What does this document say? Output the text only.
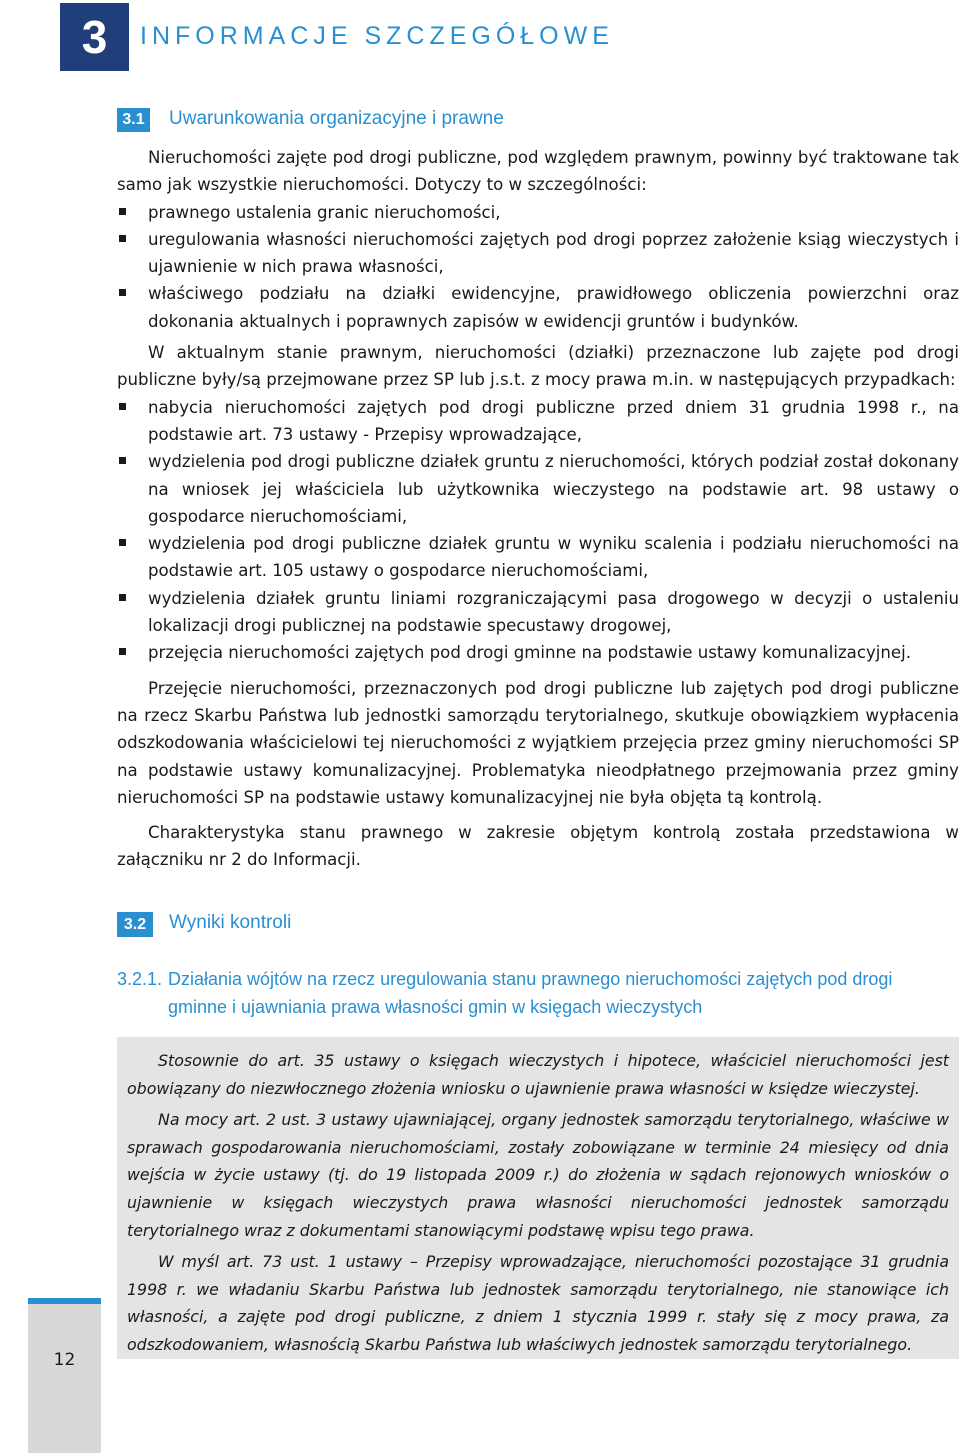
3	INFORMACJE SZCZEGÓŁOWE
3.1 Uwarunkowania organizacyjne i prawne

Nieruchomości zajęte pod drogi publiczne, pod względem prawnym, powinny być traktowane tak samo jak wszystkie nieruchomości. Dotyczy to w szczególności:

prawnego ustalenia granic nieruchomości,
uregulowania własności nieruchomości zajętych pod drogi poprzez założenie ksiąg wieczystych i ujawnienie w nich prawa własności,
właściwego podziału na działki ewidencyjne, prawidłowego obliczenia powierzchni oraz dokonania aktualnych i poprawnych zapisów w ewidencji gruntów i budynków.

W aktualnym stanie prawnym, nieruchomości (działki) przeznaczone lub zajęte pod drogi publiczne były/są przejmowane przez SP lub j.s.t. z mocy prawa m.in. w następujących przypadkach:

nabycia nieruchomości zajętych pod drogi publiczne przed dniem 31 grudnia 1998 r., na podstawie art. 73 ustawy - Przepisy wprowadzające,
wydzielenia pod drogi publiczne działek gruntu z nieruchomości, których podział został dokonany na wniosek jej właściciela lub użytkownika wieczystego na podstawie art. 98 ustawy o gospodarce nieruchomościami,
wydzielenia pod drogi publiczne działek gruntu w wyniku scalenia i podziału nieruchomości na podstawie art. 105 ustawy o gospodarce nieruchomościami,
wydzielenia działek gruntu liniami rozgraniczającymi pasa drogowego w decyzji o ustaleniu lokalizacji drogi publicznej na podstawie specustawy drogowej,
przejęcia nieruchomości zajętych pod drogi gminne na podstawie ustawy komunalizacyjnej.

Przejęcie nieruchomości, przeznaczonych pod drogi publiczne lub zajętych pod drogi publiczne na rzecz Skarbu Państwa lub jednostki samorządu terytorialnego, skutkuje obowiązkiem wypłacenia odszkodowania właścicielowi tej nieruchomości z wyjątkiem przejęcia przez gminy nieruchomości SP na podstawie ustawy komunalizacyjnej. Problematyka nieodpłatnego przejmowania przez gminy nieruchomości SP na podstawie ustawy komunalizacyjnej nie była objęta tą kontrolą.

Charakterystyka stanu prawnego w zakresie objętym kontrolą została przedstawiona w załączniku nr 2 do Informacji.

3.2	Wyniki kontroli
3.2.1. Działania wójtów na rzecz uregulowania stanu prawnego nieruchomości zajętych pod drogi
gminne i ujawniania prawa własności gmin w księgach wieczystych

Stosownie do art. 35 ustawy o księgach wieczystych i hipotece, właściciel nieruchomości jest obowiązany do niezwłocznego złożenia wniosku o ujawnienie prawa własności w księdze wieczystej.

Na mocy art. 2 ust. 3 ustawy ujawniającej, organy jednostek samorządu terytorialnego, właściwe w sprawach gospodarowania nieruchomościami, zostały zobowiązane w terminie 24 miesięcy od dnia wejścia w życie ustawy (tj. do 19 listopada 2009 r.) do złożenia w sądach rejonowych wniosków o ujawnienie w księgach wieczystych prawa własności nieruchomości jednostek samorządu terytorialnego wraz z dokumentami stanowiącymi podstawę wpisu tego prawa.

W myśl art. 73 ust. 1 ustawy – Przepisy wprowadzające, nieruchomości pozostające 31 grudnia 1998 r. we władaniu Skarbu Państwa lub jednostek samorządu terytorialnego, nie stanowiące ich własności, a zajęte pod drogi publiczne, z dniem 1 stycznia 1999 r. stały się z mocy prawa, za odszkodowaniem, własnością Skarbu Państwa lub właściwych jednostek samorządu terytorialnego.

12
